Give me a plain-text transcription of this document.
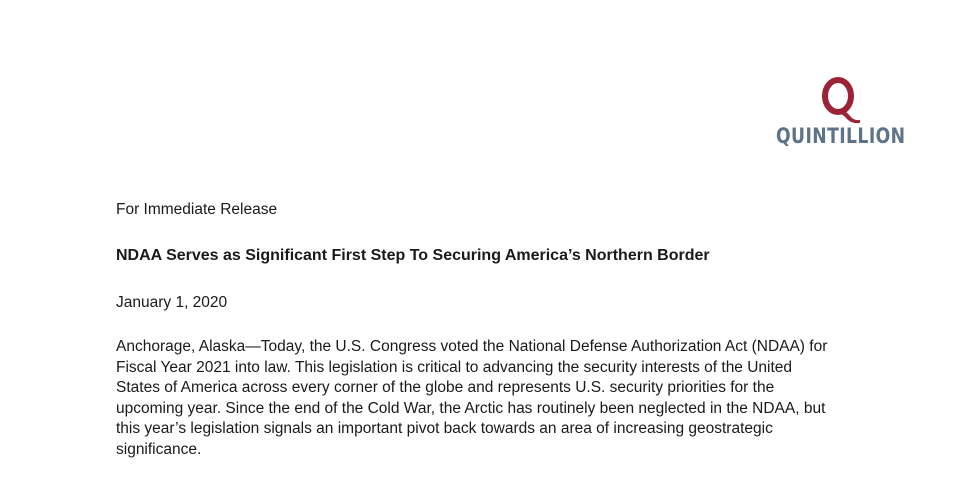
QUINTILLION
For Immediate Release
NDAA Serves as Significant First Step To Securing America’s Northern Border
January 1, 2020
Anchorage, Alaska—Today, the U.S. Congress voted the National Defense Authorization Act (NDAA) for
Fiscal Year 2021 into law. This legislation is critical to advancing the security interests of the United
States of America across every corner of the globe and represents U.S. security priorities for the
upcoming year. Since the end of the Cold War, the Arctic has routinely been neglected in the NDAA, but
this year’s legislation signals an important pivot back towards an area of increasing geostrategic
significance.
